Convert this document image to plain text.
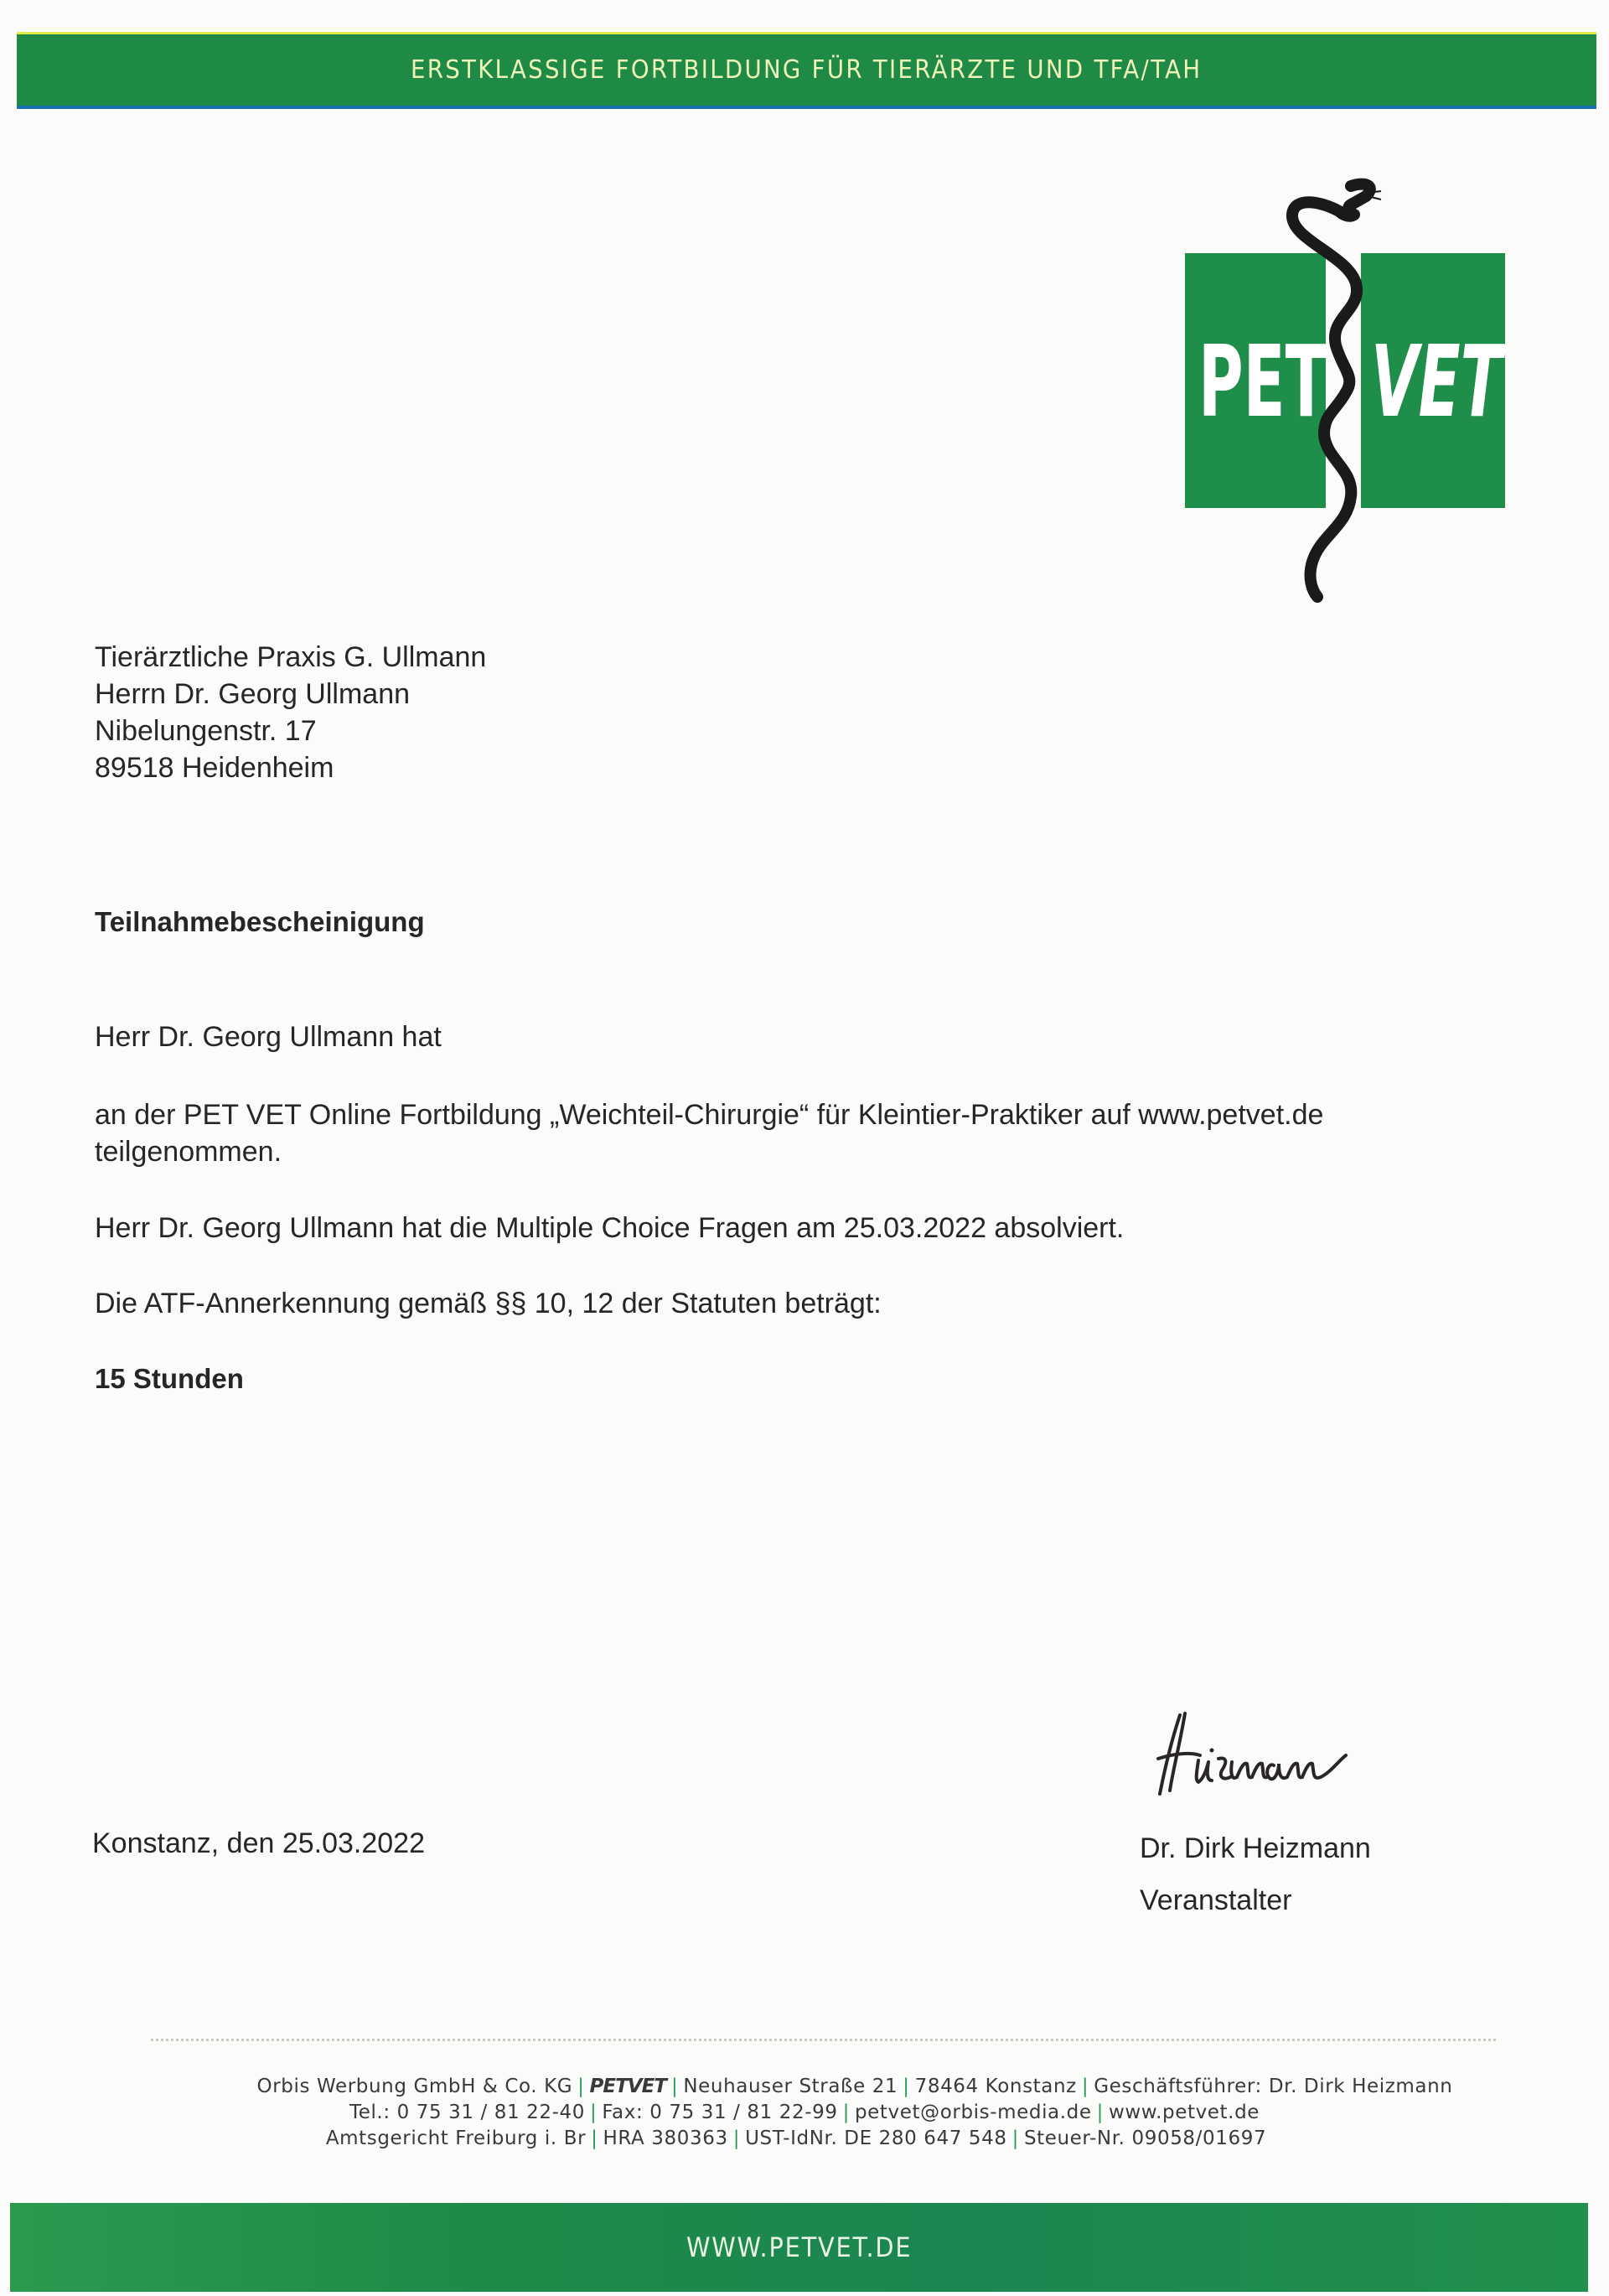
ERSTKLASSIGE FORTBILDUNG FÜR TIERÄRZTE UND TFA/TAH
PET VET
Tierärztliche Praxis G. Ullmann
Herrn Dr. Georg Ullmann
Nibelungenstr. 17
89518 Heidenheim
Teilnahmebescheinigung
Herr Dr. Georg Ullmann hat
an der PET VET Online Fortbildung „Weichteil-Chirurgie“ für Kleintier-Praktiker auf www.petvet.de
teilgenommen.
Herr Dr. Georg Ullmann hat die Multiple Choice Fragen am 25.03.2022 absolviert.
Die ATF-Annerkennung gemäß §§ 10, 12 der Statuten beträgt:
15 Stunden
Konstanz, den 25.03.2022	Dr. Dirk Heizmann
Veranstalter
Orbis Werbung GmbH & Co. KG | PETVET | Neuhauser Straße 21 | 78464 Konstanz | Geschäftsführer: Dr. Dirk Heizmann
Tel.: 0 75 31 / 81 22-40 | Fax: 0 75 31 / 81 22-99 | petvet@orbis-media.de | www.petvet.de
Amtsgericht Freiburg i. Br | HRA 380363 | UST-IdNr. DE 280 647 548 | Steuer-Nr. 09058/01697
WWW.PETVET.DE
